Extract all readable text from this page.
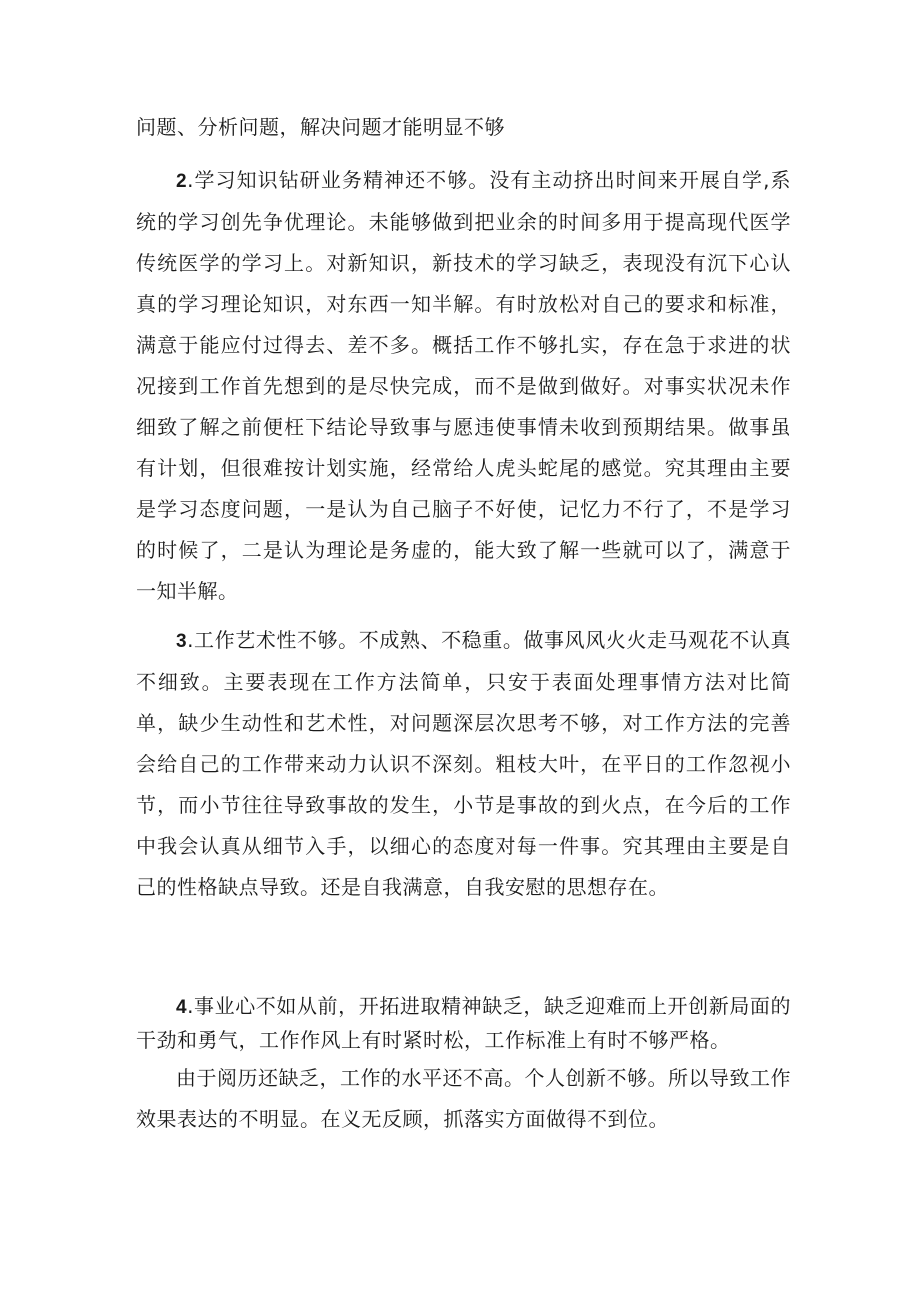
问题、分析问题，解决问题才能明显不够

2.学习知识钻研业务精神还不够。没有主动挤出时间来开展自学,系统的学习创先争优理论。未能够做到把业余的时间多用于提高现代医学传统医学的学习上。对新知识，新技术的学习缺乏，表现没有沉下心认真的学习理论知识，对东西一知半解。有时放松对自己的要求和标准，满意于能应付过得去、差不多。概括工作不够扎实，存在急于求进的状况接到工作首先想到的是尽快完成，而不是做到做好。对事实状况未作细致了解之前便枉下结论导致事与愿违使事情未收到预期结果。做事虽有计划，但很难按计划实施，经常给人虎头蛇尾的感觉。究其理由主要是学习态度问题，一是认为自己脑子不好使，记忆力不行了，不是学习的时候了，二是认为理论是务虚的，能大致了解一些就可以了，满意于一知半解。

3.工作艺术性不够。不成熟、不稳重。做事风风火火走马观花不认真不细致。主要表现在工作方法简单，只安于表面处理事情方法对比简单，缺少生动性和艺术性，对问题深层次思考不够，对工作方法的完善会给自己的工作带来动力认识不深刻。粗枝大叶，在平日的工作忽视小节，而小节往往导致事故的发生，小节是事故的到火点，在今后的工作中我会认真从细节入手，以细心的态度对每一件事。究其理由主要是自己的性格缺点导致。还是自我满意，自我安慰的思想存在。

4.事业心不如从前，开拓进取精神缺乏，缺乏迎难而上开创新局面的干劲和勇气，工作作风上有时紧时松，工作标准上有时不够严格。

由于阅历还缺乏，工作的水平还不高。个人创新不够。所以导致工作效果表达的不明显。在义无反顾，抓落实方面做得不到位。
